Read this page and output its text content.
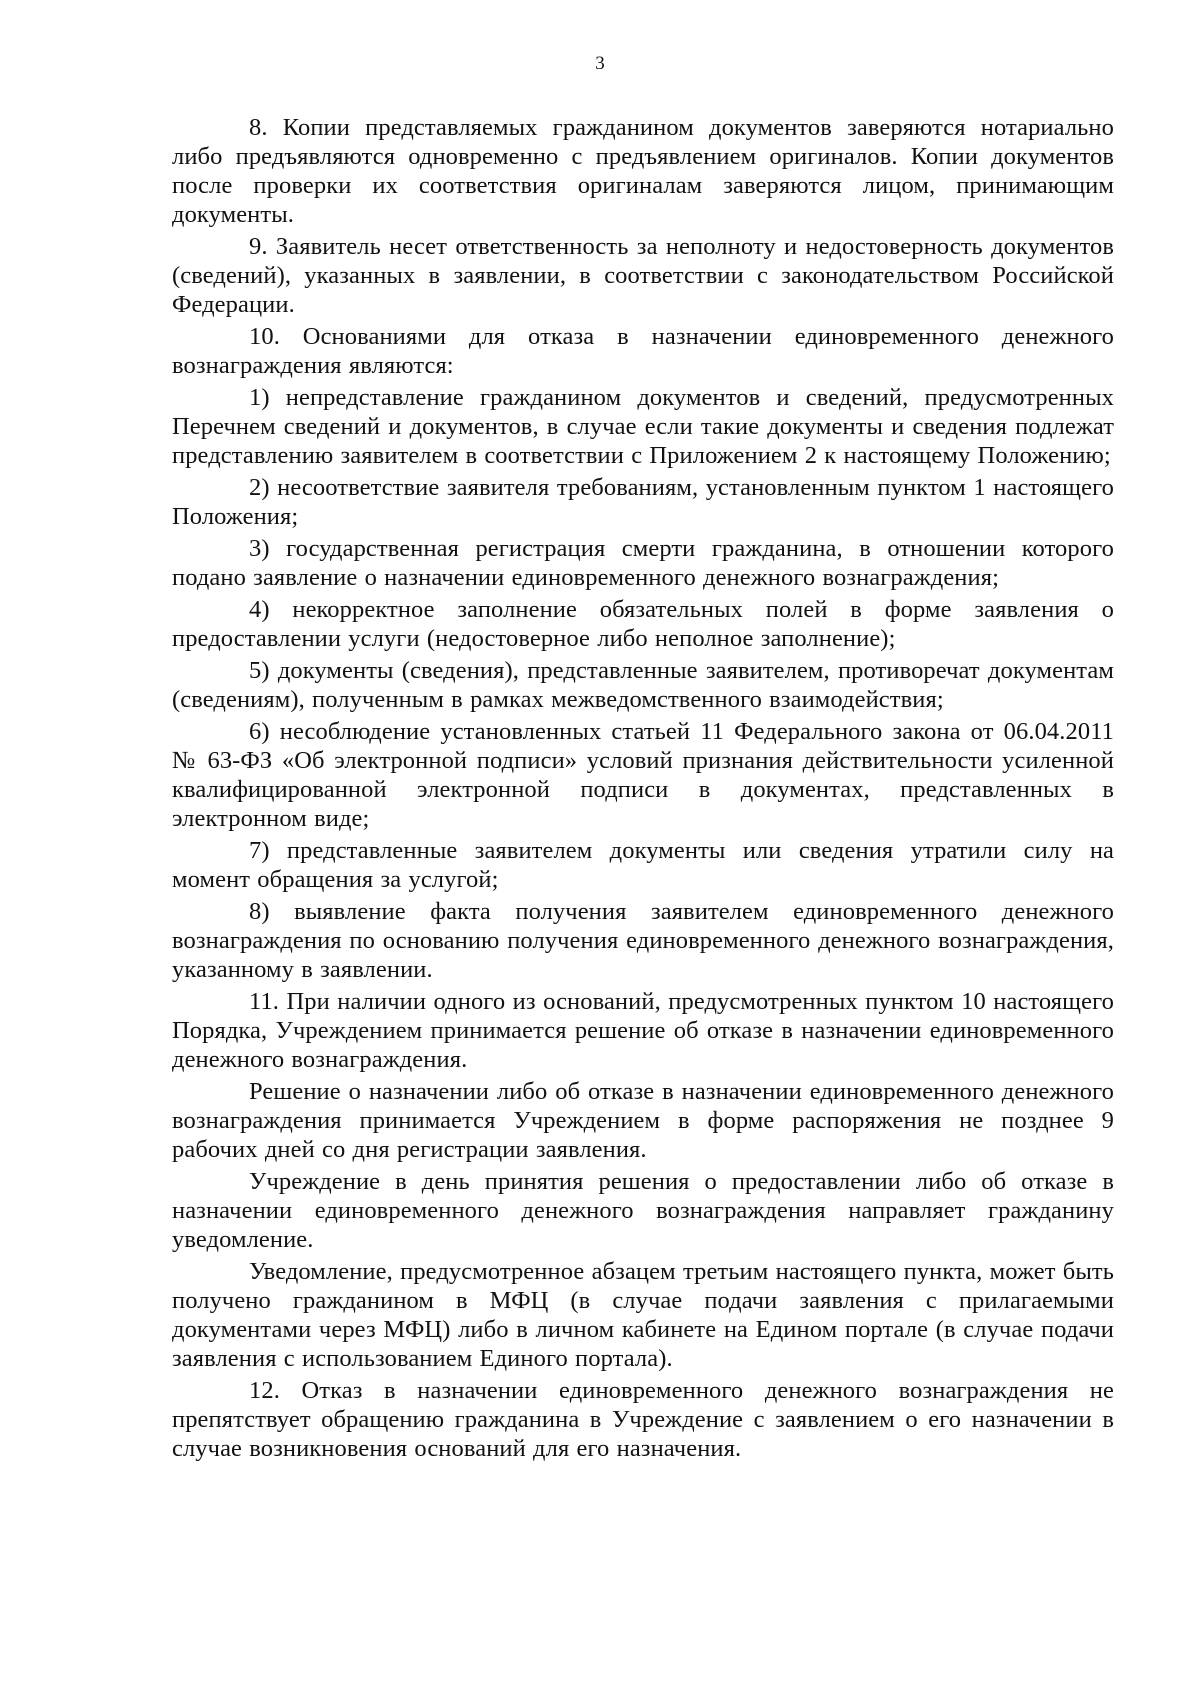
3

8. Копии представляемых гражданином документов заверяются нотариально либо предъявляются одновременно с предъявлением оригиналов. Копии документов после проверки их соответствия оригиналам заверяются лицом, принимающим документы.

9. Заявитель несет ответственность за неполноту и недостоверность документов (сведений), указанных в заявлении, в соответствии с законодательством Российской Федерации.

10. Основаниями для отказа в назначении единовременного денежного вознаграждения являются:

1) непредставление гражданином документов и сведений, предусмотренных Перечнем сведений и документов, в случае если такие документы и сведения подлежат представлению заявителем в соответствии с Приложением 2 к настоящему Положению;

2) несоответствие заявителя требованиям, установленным пунктом 1 настоящего Положения;

3) государственная регистрация смерти гражданина, в отношении которого подано заявление о назначении единовременного денежного вознаграждения;

4) некорректное заполнение обязательных полей в форме заявления о предоставлении услуги (недостоверное либо неполное заполнение);

5) документы (сведения), представленные заявителем, противоречат документам (сведениям), полученным в рамках межведомственного взаимодействия;

6) несоблюдение установленных статьей 11 Федерального закона от 06.04.2011 № 63-ФЗ «Об электронной подписи» условий признания действительности усиленной квалифицированной электронной подписи в документах, представленных в электронном виде;

7) представленные заявителем документы или сведения утратили силу на момент обращения за услугой;

8) выявление факта получения заявителем единовременного денежного вознаграждения по основанию получения единовременного денежного вознаграждения, указанному в заявлении.

11. При наличии одного из оснований, предусмотренных пунктом 10 настоящего Порядка, Учреждением принимается решение об отказе в назначении единовременного денежного вознаграждения.

Решение о назначении либо об отказе в назначении единовременного денежного вознаграждения принимается Учреждением в форме распоряжения не позднее 9 рабочих дней со дня регистрации заявления.

Учреждение в день принятия решения о предоставлении либо об отказе в назначении единовременного денежного вознаграждения направляет гражданину уведомление.

Уведомление, предусмотренное абзацем третьим настоящего пункта, может быть получено гражданином в МФЦ (в случае подачи заявления с прилагаемыми документами через МФЦ) либо в личном кабинете на Едином портале (в случае подачи заявления с использованием Единого портала).

12. Отказ в назначении единовременного денежного вознаграждения не препятствует обращению гражданина в Учреждение с заявлением о его назначении в случае возникновения оснований для его назначения.
